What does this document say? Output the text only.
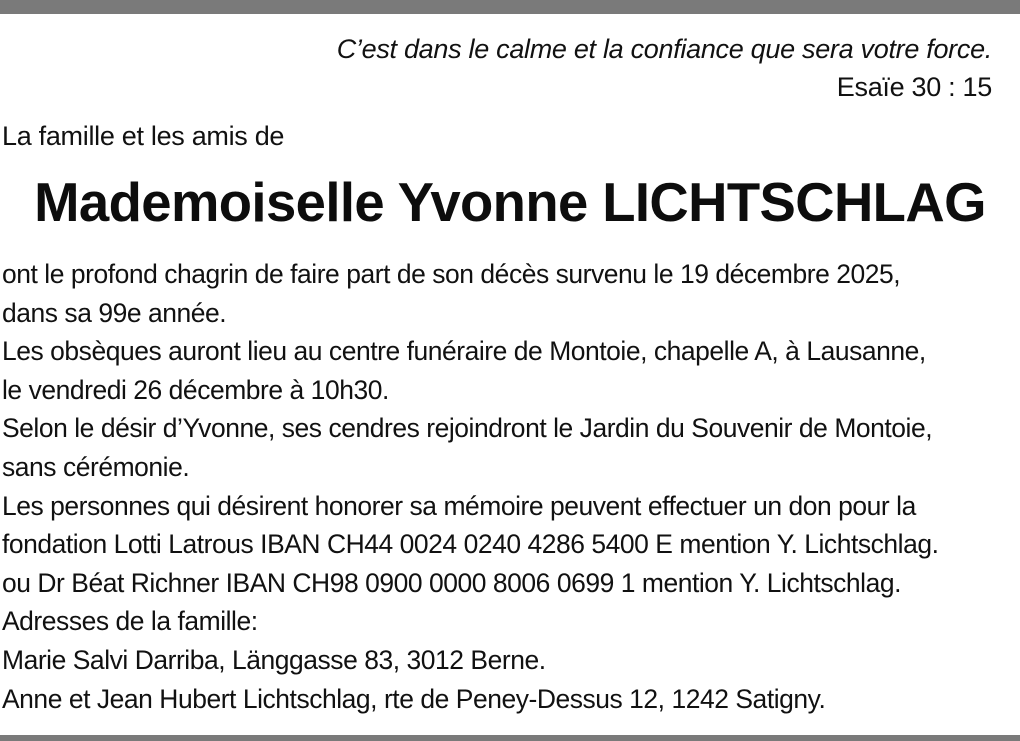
C’est dans le calme et la confiance que sera votre force.
Esaïe 30 : 15
La famille et les amis de
Mademoiselle Yvonne LICHTSCHLAG
ont le profond chagrin de faire part de son décès survenu le 19 décembre 2025,
dans sa 99e année.
Les obsèques auront lieu au centre funéraire de Montoie, chapelle A, à Lausanne,
le vendredi 26 décembre à 10h30.
Selon le désir d’Yvonne, ses cendres rejoindront le Jardin du Souvenir de Montoie,
sans cérémonie.
Les personnes qui désirent honorer sa mémoire peuvent effectuer un don pour la
fondation Lotti Latrous IBAN CH44 0024 0240 4286 5400 E mention Y. Lichtschlag.
ou Dr Béat Richner IBAN CH98 0900 0000 8006 0699 1 mention Y. Lichtschlag.
Adresses de la famille:
Marie Salvi Darriba, Länggasse 83, 3012 Berne.
Anne et Jean Hubert Lichtschlag, rte de Peney-Dessus 12, 1242 Satigny.
